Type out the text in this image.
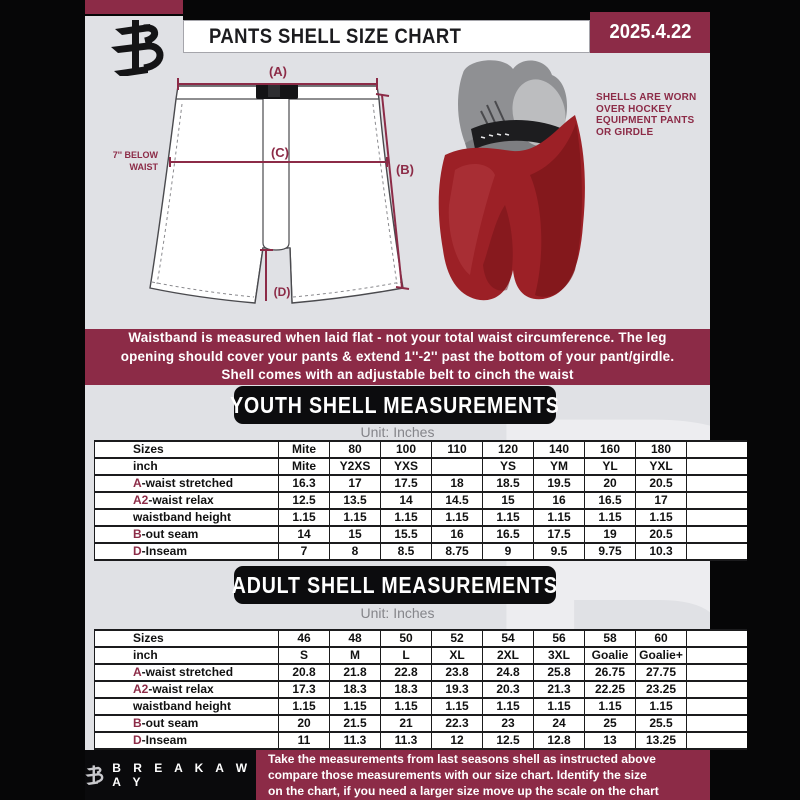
PANTS SHELL SIZE CHART	2025.4.22
(A)
(B)
(C)
(D)
7'' BELOW
WAIST
SHELLS ARE WORN
OVER HOCKEY
EQUIPMENT PANTS
OR GIRDLE
Waistband is measured when laid flat - not your total waist circumference. The leg
opening should cover your pants & extend 1''-2'' past the bottom of your pant/girdle.
Shell comes with an adjustable belt to cinch the waist
YOUTH SHELL MEASUREMENTS
Unit: Inches
Sizes	Mite	80	100	110	120	140	160	180	
inch	Mite	Y2XS	YXS		YS	YM	YL	YXL	
A-waist stretched	16.3	17	17.5	18	18.5	19.5	20	20.5	
A2-waist relax	12.5	13.5	14	14.5	15	16	16.5	17	
waistband height	1.15	1.15	1.15	1.15	1.15	1.15	1.15	1.15	
B-out seam	14	15	15.5	16	16.5	17.5	19	20.5	
D-Inseam	7	8	8.5	8.75	9	9.5	9.75	10.3	
ADULT SHELL MEASUREMENTS
Unit: Inches
Sizes	46	48	50	52	54	56	58	60	
inch	S	M	L	XL	2XL	3XL	Goalie	Goalie+	
A-waist stretched	20.8	21.8	22.8	23.8	24.8	25.8	26.75	27.75	
A2-waist relax	17.3	18.3	18.3	19.3	20.3	21.3	22.25	23.25	
waistband height	1.15	1.15	1.15	1.15	1.15	1.15	1.15	1.15	
B-out seam	20	21.5	21	22.3	23	24	25	25.5	
D-Inseam	11	11.3	11.3	12	12.5	12.8	13	13.25	
B R E A K A W A Y
Take the measurements from last seasons shell as instructed above
compare those measurements with our size chart. Identify the size
on the chart, if you need a larger size move up the scale on the chart
